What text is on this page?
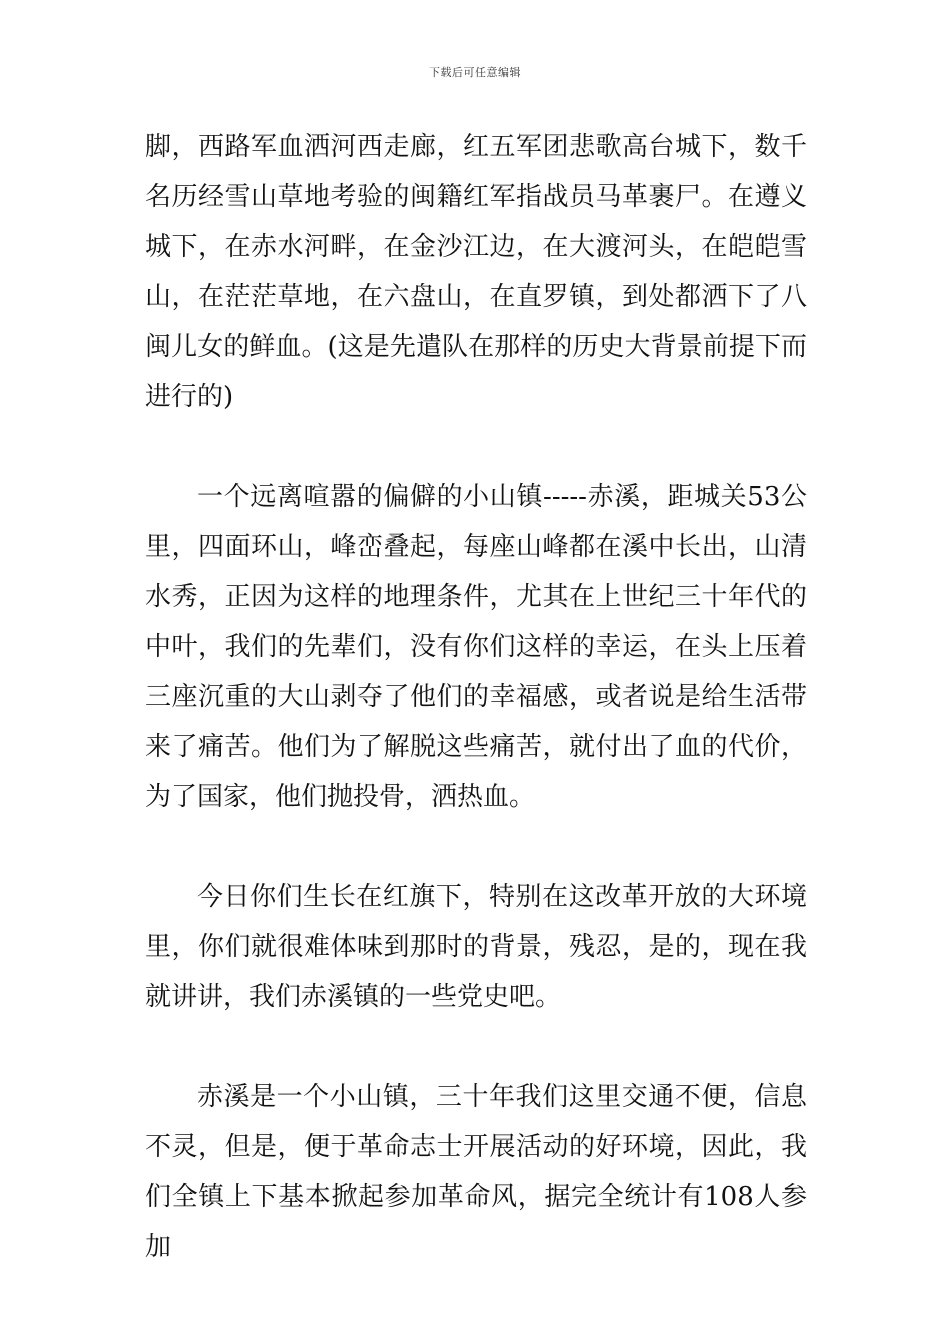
下载后可任意编辑

脚，西路军血洒河西走廊，红五军团悲歌高台城下，数千名历经雪山草地考验的闽籍红军指战员马革裹尸。在遵义城下，在赤水河畔，在金沙江边，在大渡河头，在皑皑雪山，在茫茫草地，在六盘山，在直罗镇，到处都洒下了八闽儿女的鲜血。(这是先遣队在那样的历史大背景前提下而进行的)

一个远离喧嚣的偏僻的小山镇-----赤溪，距城关53公里，四面环山，峰峦叠起，每座山峰都在溪中长出，山清水秀，正因为这样的地理条件，尤其在上世纪三十年代的中叶，我们的先辈们，没有你们这样的幸运，在头上压着三座沉重的大山剥夺了他们的幸福感，或者说是给生活带来了痛苦。他们为了解脱这些痛苦，就付出了血的代价，为了国家，他们抛投骨，洒热血。

今日你们生长在红旗下，特别在这改革开放的大环境里，你们就很难体味到那时的背景，残忍，是的，现在我就讲讲，我们赤溪镇的一些党史吧。

赤溪是一个小山镇，三十年我们这里交通不便，信息不灵，但是，便于革命志士开展活动的好环境，因此，我们全镇上下基本掀起参加革命风，据完全统计有108人参加
